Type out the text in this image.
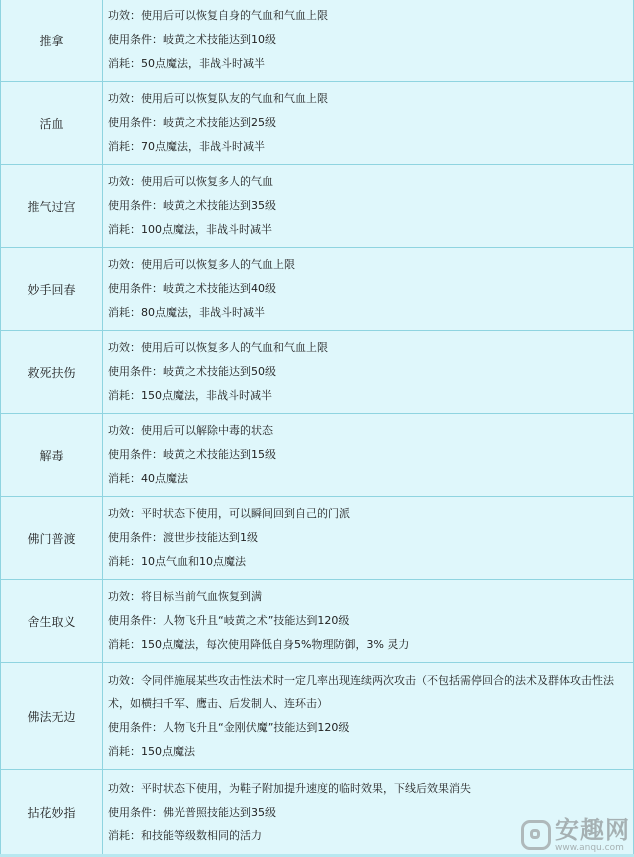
推拿	功效：使用后可以恢复自身的气血和气血上限
使用条件：岐黄之术技能达到10级
消耗：50点魔法，非战斗时减半

活血	功效：使用后可以恢复队友的气血和气血上限
使用条件：岐黄之术技能达到25级
消耗：70点魔法，非战斗时减半

推气过宫	功效：使用后可以恢复多人的气血
使用条件：岐黄之术技能达到35级
消耗：100点魔法，非战斗时减半

妙手回春	功效：使用后可以恢复多人的气血上限
使用条件：岐黄之术技能达到40级
消耗：80点魔法，非战斗时减半

救死扶伤	功效：使用后可以恢复多人的气血和气血上限
使用条件：岐黄之术技能达到50级
消耗：150点魔法，非战斗时减半

解毒	功效：使用后可以解除中毒的状态
使用条件：岐黄之术技能达到15级
消耗：40点魔法

佛门普渡	功效：平时状态下使用，可以瞬间回到自己的门派
使用条件：渡世步技能达到1级
消耗：10点气血和10点魔法

舍生取义	功效：将目标当前气血恢复到满
使用条件：人物飞升且“岐黄之术”技能达到120级
消耗：150点魔法，每次使用降低自身5%物理防御，3% 灵力

佛法无边	功效：令同伴施展某些攻击性法术时一定几率出现连续两次攻击（不包括需停回合的法术及群体攻击性法术，如横扫千军、鹰击、后发制人、连环击）
使用条件：人物飞升且“金刚伏魔”技能达到120级
消耗：150点魔法

拈花妙指	功效：平时状态下使用，为鞋子附加提升速度的临时效果，下线后效果消失
使用条件：佛光普照技能达到35级
消耗：和技能等级数相同的活力	安趣网
www.anqu.com
